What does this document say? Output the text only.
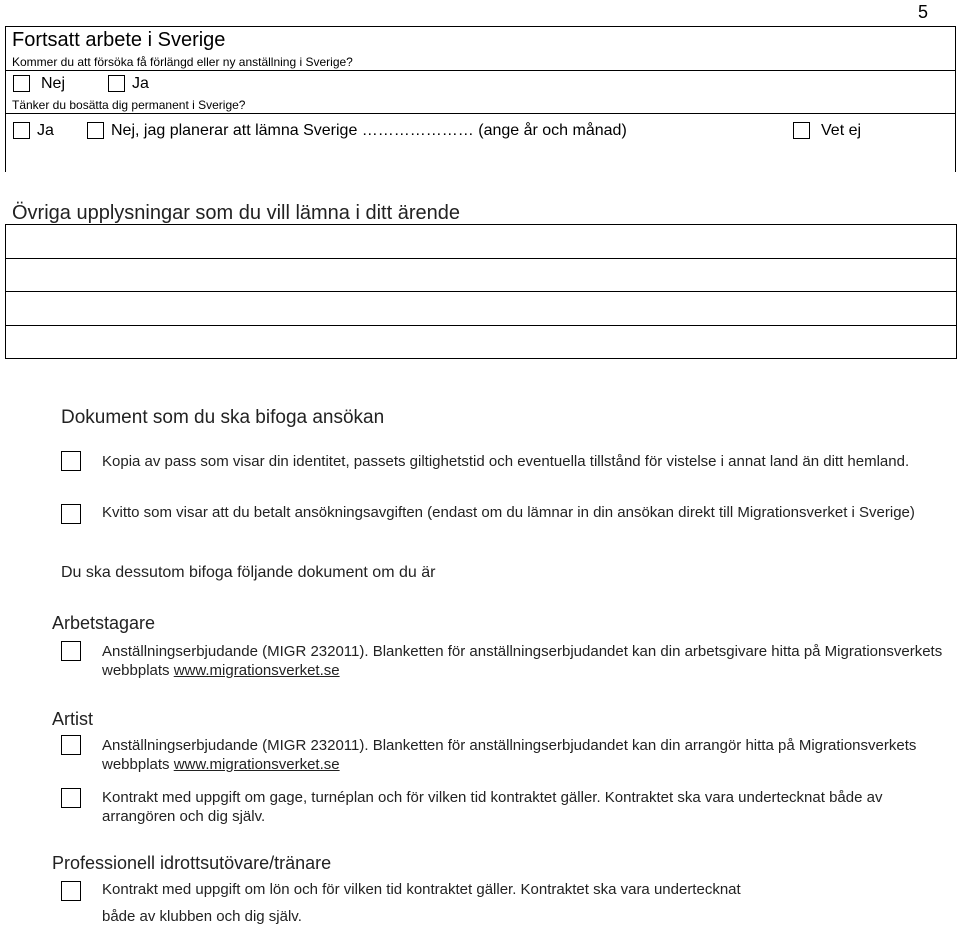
5
Fortsatt arbete i Sverige
Kommer du att försöka få förlängd eller ny anställning i Sverige?
Nej	Ja
Tänker du bosätta dig permanent i Sverige?
Ja	Nej, jag planerar att lämna Sverige ………………… (ange år och månad)	Vet ej
Övriga upplysningar som du vill lämna i ditt ärende
Dokument som du ska bifoga ansökan
Kopia av pass som visar din identitet, passets giltighetstid och eventuella tillstånd för vistelse i annat land än ditt hemland.
Kvitto som visar att du betalt ansökningsavgiften (endast om du lämnar in din ansökan direkt till Migrationsverket i Sverige)
Du ska dessutom bifoga följande dokument om du är
Arbetstagare
Anställningserbjudande (MIGR 232011). Blanketten för anställningserbjudandet kan din arbetsgivare hitta på Migrationsverkets webbplats www.migrationsverket.se
Artist
Anställningserbjudande (MIGR 232011). Blanketten för anställningserbjudandet kan din arrangör hitta på Migrationsverkets webbplats www.migrationsverket.se
Kontrakt med uppgift om gage, turnéplan och för vilken tid kontraktet gäller. Kontraktet ska vara undertecknat både av arrangören och dig själv.
Professionell idrottsutövare/tränare
Kontrakt med uppgift om lön och för vilken tid kontraktet gäller. Kontraktet ska vara undertecknat
både av klubben och dig själv.
